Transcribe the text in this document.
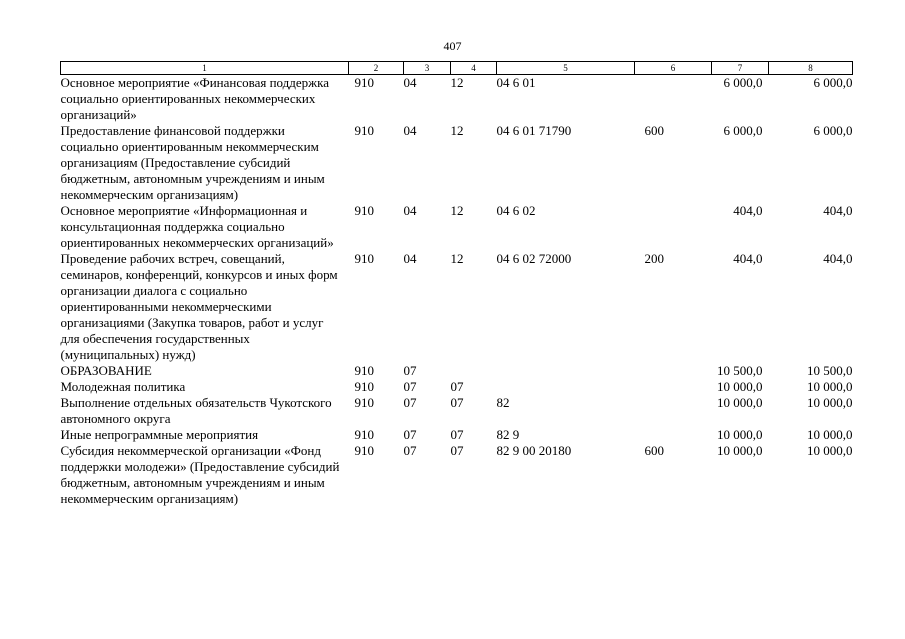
407
1	2	3	4	5	6	7	8
Основное мероприятие «Финансовая поддержка социально ориентированных некоммерческих организаций»	910	04	12	04 6 01		6 000,0	6 000,0
Предоставление финансовой поддержки социально ориентированным некоммерческим организациям (Предоставление субсидий бюджетным, автономным учреждениям и иным некоммерческим организациям)	910	04	12	04 6 01 71790	600	6 000,0	6 000,0
Основное мероприятие «Информационная и консультационная поддержка социально ориентированных некоммерческих организаций»	910	04	12	04 6 02		404,0	404,0
Проведение рабочих встреч, совещаний, семинаров, конференций, конкурсов и иных форм организации диалога с социально ориентированными некоммерческими организациями (Закупка товаров, работ и услуг для обеспечения государственных (муниципальных) нужд)	910	04	12	04 6 02 72000	200	404,0	404,0
ОБРАЗОВАНИЕ	910	07				10 500,0	10 500,0
Молодежная политика	910	07	07			10 000,0	10 000,0
Выполнение отдельных обязательств Чукотского автономного округа	910	07	07	82		10 000,0	10 000,0
Иные непрограммные мероприятия	910	07	07	82 9		10 000,0	10 000,0
Субсидия некоммерческой организации «Фонд поддержки молодежи» (Предоставление субсидий бюджетным, автономным учреждениям и иным некоммерческим организациям)	910	07	07	82 9 00 20180	600	10 000,0	10 000,0
